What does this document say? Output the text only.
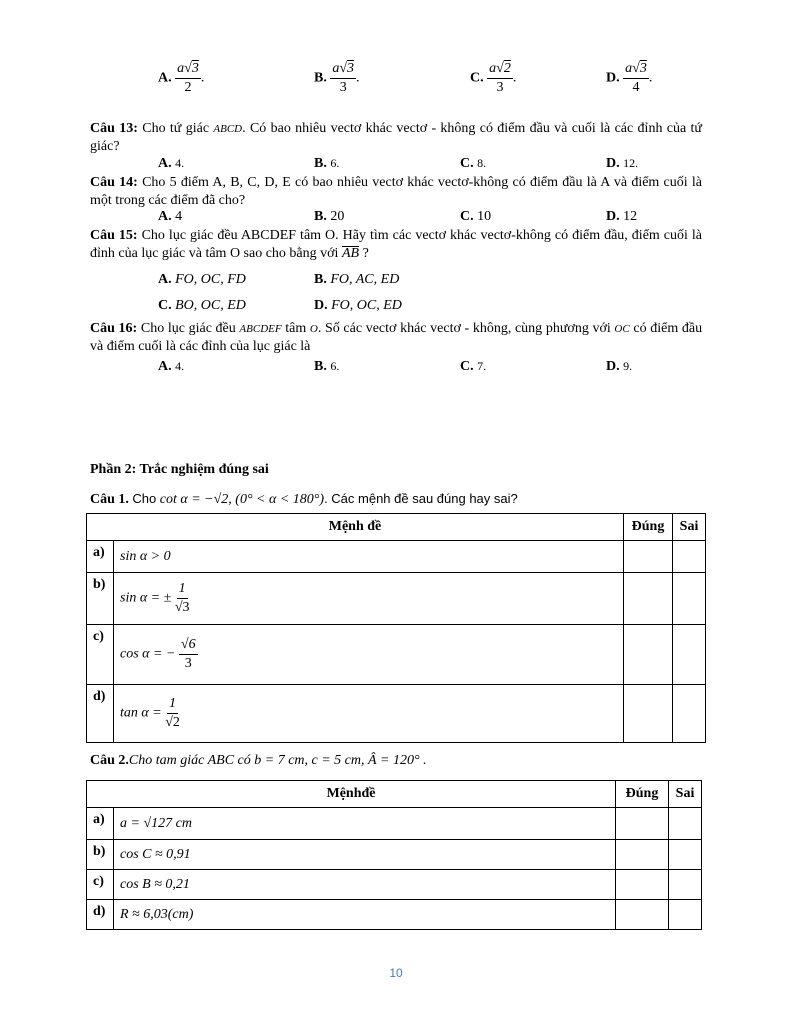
A. $\frac{a√3}{2}$ .	B. $\frac{a√3}{3}$ .	C. $\frac{a√2}{3}$ .	D. $\frac{a√3}{4}$ .
Câu 13: Cho tứ giác ABCD. Có bao nhiêu vectơ khác vectơ - không có điểm đầu và cuối là các đỉnh của tứ giác?
A. 4.	B. 6.	C. 8.	D. 12.
Câu 14: Cho 5 điểm A, B, C, D, E có bao nhiêu vectơ khác vectơ-không có điểm đầu là A và điểm cuối là một trong các điểm đã cho?
A. 4	B. 20	C. 10	D. 12
Câu 15: Cho lục giác đều ABCDEF tâm O. Hãy tìm các vectơ khác vectơ-không có điểm đầu, điểm cuối là đỉnh của lục giác và tâm O sao cho bằng với AB ?
A. FO, OC, FD	B. FO, AC, ED
C. BO, OC, ED	D. FO, OC, ED
Câu 16: Cho lục giác đều ABCDEF tâm O. Số các vectơ khác vectơ - không, cùng phương với OC có điểm đầu và điểm cuối là các đỉnh của lục giác là
A. 4.	B. 6.	C. 7.	D. 9.
Phần 2: Trắc nghiệm đúng sai
Câu 1. Cho cot α = −√2, (0° < α < 180°). Các mệnh đề sau đúng hay sai?
Mệnh đề		Đúng	Sai
a)	sin α > 0		
b)	sin α = ± $\frac{1}{√3}$

c)	cos α = − $\frac{√6}{3}$

d)	$\tan \alpha = \frac{1}{√2}$

Câu 2.Cho tam giác ABC có b = 7 cm, c = 5 cm, Â = 120° .
Mệnhđề		Đúng	Sai
a)	a = √127 cm		
b)	cos C ≈ 0,91		
c)	cos B ≈ 0,21		
d)	R ≈ 6,03(cm)		
10
